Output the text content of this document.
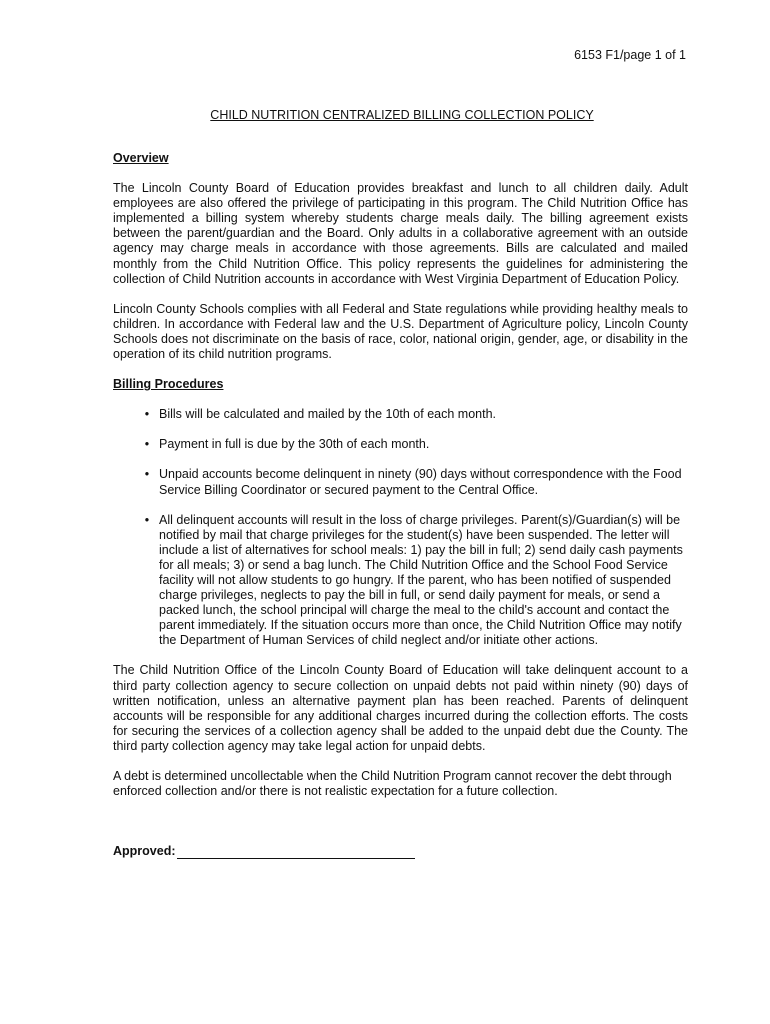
6153 F1/page 1 of 1
CHILD NUTRITION CENTRALIZED BILLING COLLECTION POLICY

Overview

The Lincoln County Board of Education provides breakfast and lunch to all children daily. Adult employees are also offered the privilege of participating in this program. The Child Nutrition Office has implemented a billing system whereby students charge meals daily. The billing agreement exists between the parent/guardian and the Board. Only adults in a collaborative agreement with an outside agency may charge meals in accordance with those agreements. Bills are calculated and mailed monthly from the Child Nutrition Office. This policy represents the guidelines for administering the collection of Child Nutrition accounts in accordance with West Virginia Department of Education Policy.

Lincoln County Schools complies with all Federal and State regulations while providing healthy meals to children. In accordance with Federal law and the U.S. Department of Agriculture policy, Lincoln County Schools does not discriminate on the basis of race, color, national origin, gender, age, or disability in the operation of its child nutrition programs.

Billing Procedures

• Bills will be calculated and mailed by the 10th of each month.
• Payment in full is due by the 30th of each month.
• Unpaid accounts become delinquent in ninety (90) days without correspondence with the Food Service Billing Coordinator or secured payment to the Central Office.
• All delinquent accounts will result in the loss of charge privileges. Parent(s)/Guardian(s) will be notified by mail that charge privileges for the student(s) have been suspended. The letter will include a list of alternatives for school meals: 1) pay the bill in full; 2) send daily cash payments for all meals; 3) or send a bag lunch. The Child Nutrition Office and the School Food Service facility will not allow students to go hungry. If the parent, who has been notified of suspended charge privileges, neglects to pay the bill in full, or send daily payment for meals, or send a packed lunch, the school principal will charge the meal to the child's account and contact the parent immediately. If the situation occurs more than once, the Child Nutrition Office may notify the Department of Human Services of child neglect and/or initiate other actions.

The Child Nutrition Office of the Lincoln County Board of Education will take delinquent account to a third party collection agency to secure collection on unpaid debts not paid within ninety (90) days of written notification, unless an alternative payment plan has been reached. Parents of delinquent accounts will be responsible for any additional charges incurred during the collection efforts. The costs for securing the services of a collection agency shall be added to the unpaid debt due the County. The third party collection agency may take legal action for unpaid debts.

A debt is determined uncollectable when the Child Nutrition Program cannot recover the debt through enforced collection and/or there is not realistic expectation for a future collection.

Approved:
